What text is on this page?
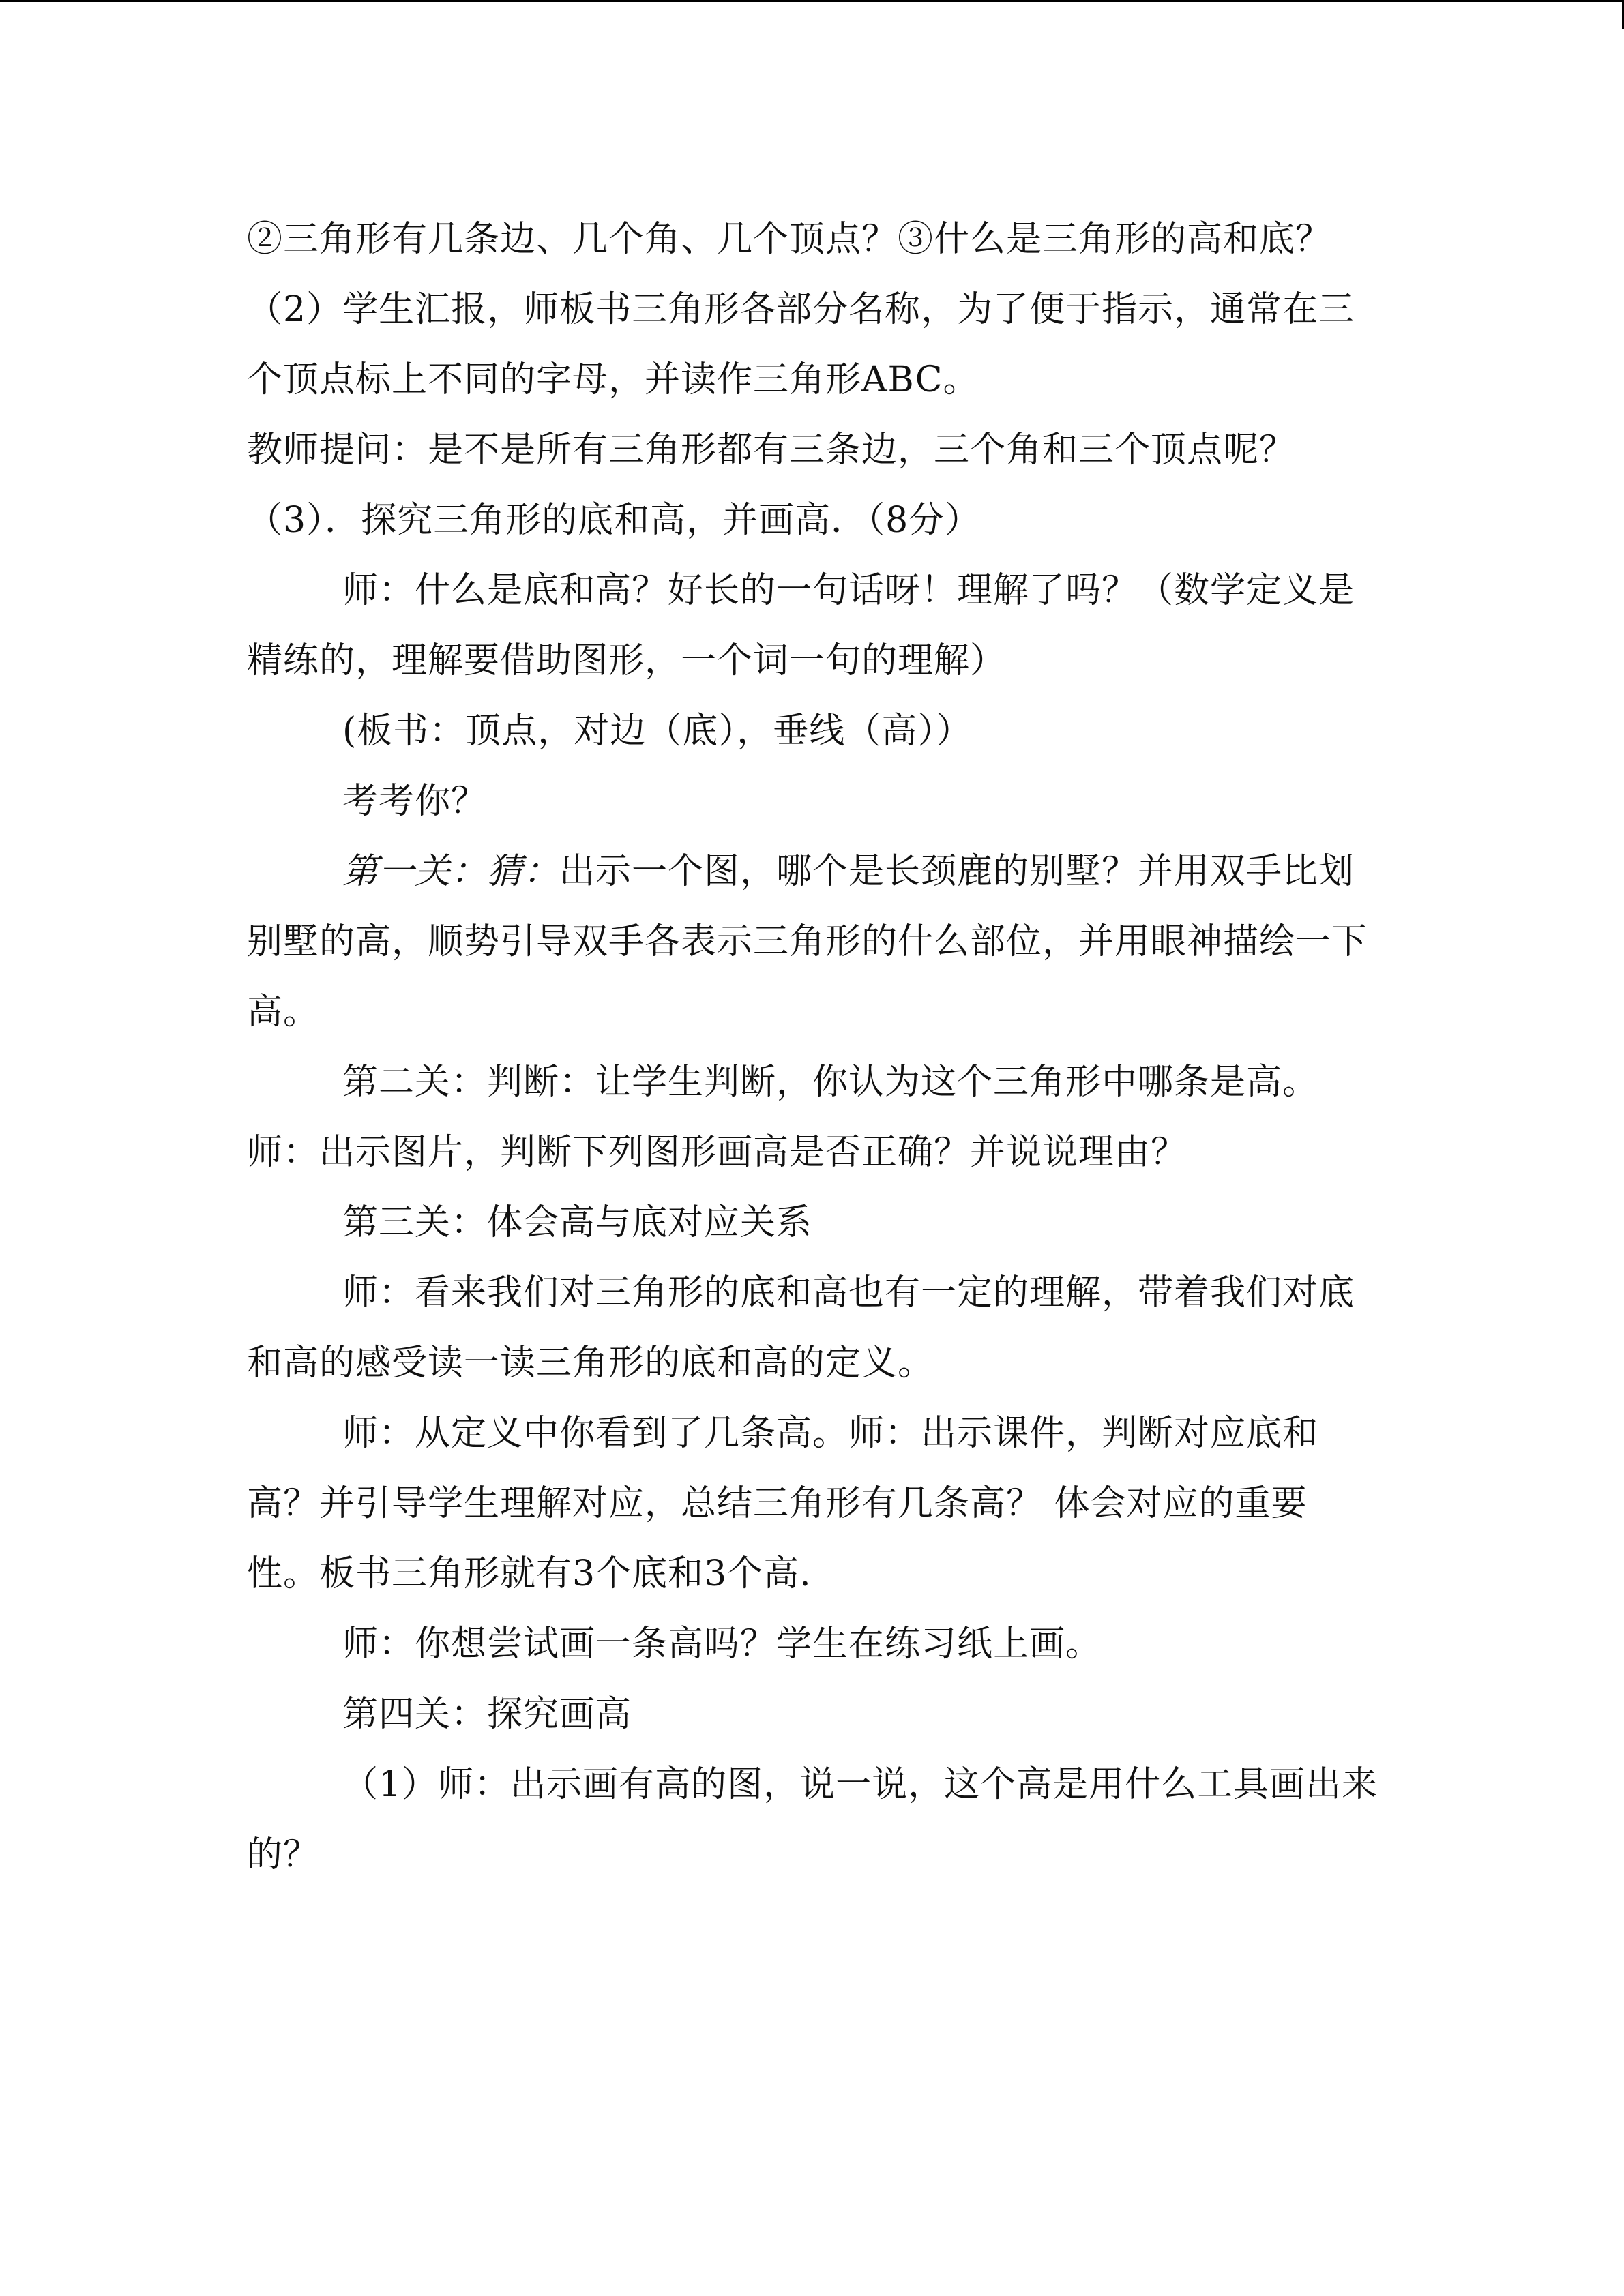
②三角形有几条边、几个角、几个顶点？③什么是三角形的高和底？

（2）学生汇报，师板书三角形各部分名称，为了便于指示，通常在三个顶点标上不同的字母，并读作三角形ABC。

教师提问：是不是所有三角形都有三条边，三个角和三个顶点呢？

（3）．探究三角形的底和高，并画高．（8分）

师：什么是底和高？好长的一句话呀！理解了吗？（数学定义是精练的，理解要借助图形，一个词一句的理解）

(板书：顶点，对边（底），垂线（高））

考考你？

第一关：猜：出示一个图，哪个是长颈鹿的别墅？并用双手比划别墅的高，顺势引导双手各表示三角形的什么部位，并用眼神描绘一下高。

第二关：判断：让学生判断，你认为这个三角形中哪条是高。

师：出示图片，判断下列图形画高是否正确？并说说理由？

第三关：体会高与底对应关系

师：看来我们对三角形的底和高也有一定的理解，带着我们对底和高的感受读一读三角形的底和高的定义。

师：从定义中你看到了几条高。师：出示课件，判断对应底和高？并引导学生理解对应，总结三角形有几条高？ 体会对应的重要性。板书三角形就有3个底和3个高.

师：你想尝试画一条高吗？学生在练习纸上画。

第四关：探究画高

（1）师：出示画有高的图，说一说，这个高是用什么工具画出来的？
